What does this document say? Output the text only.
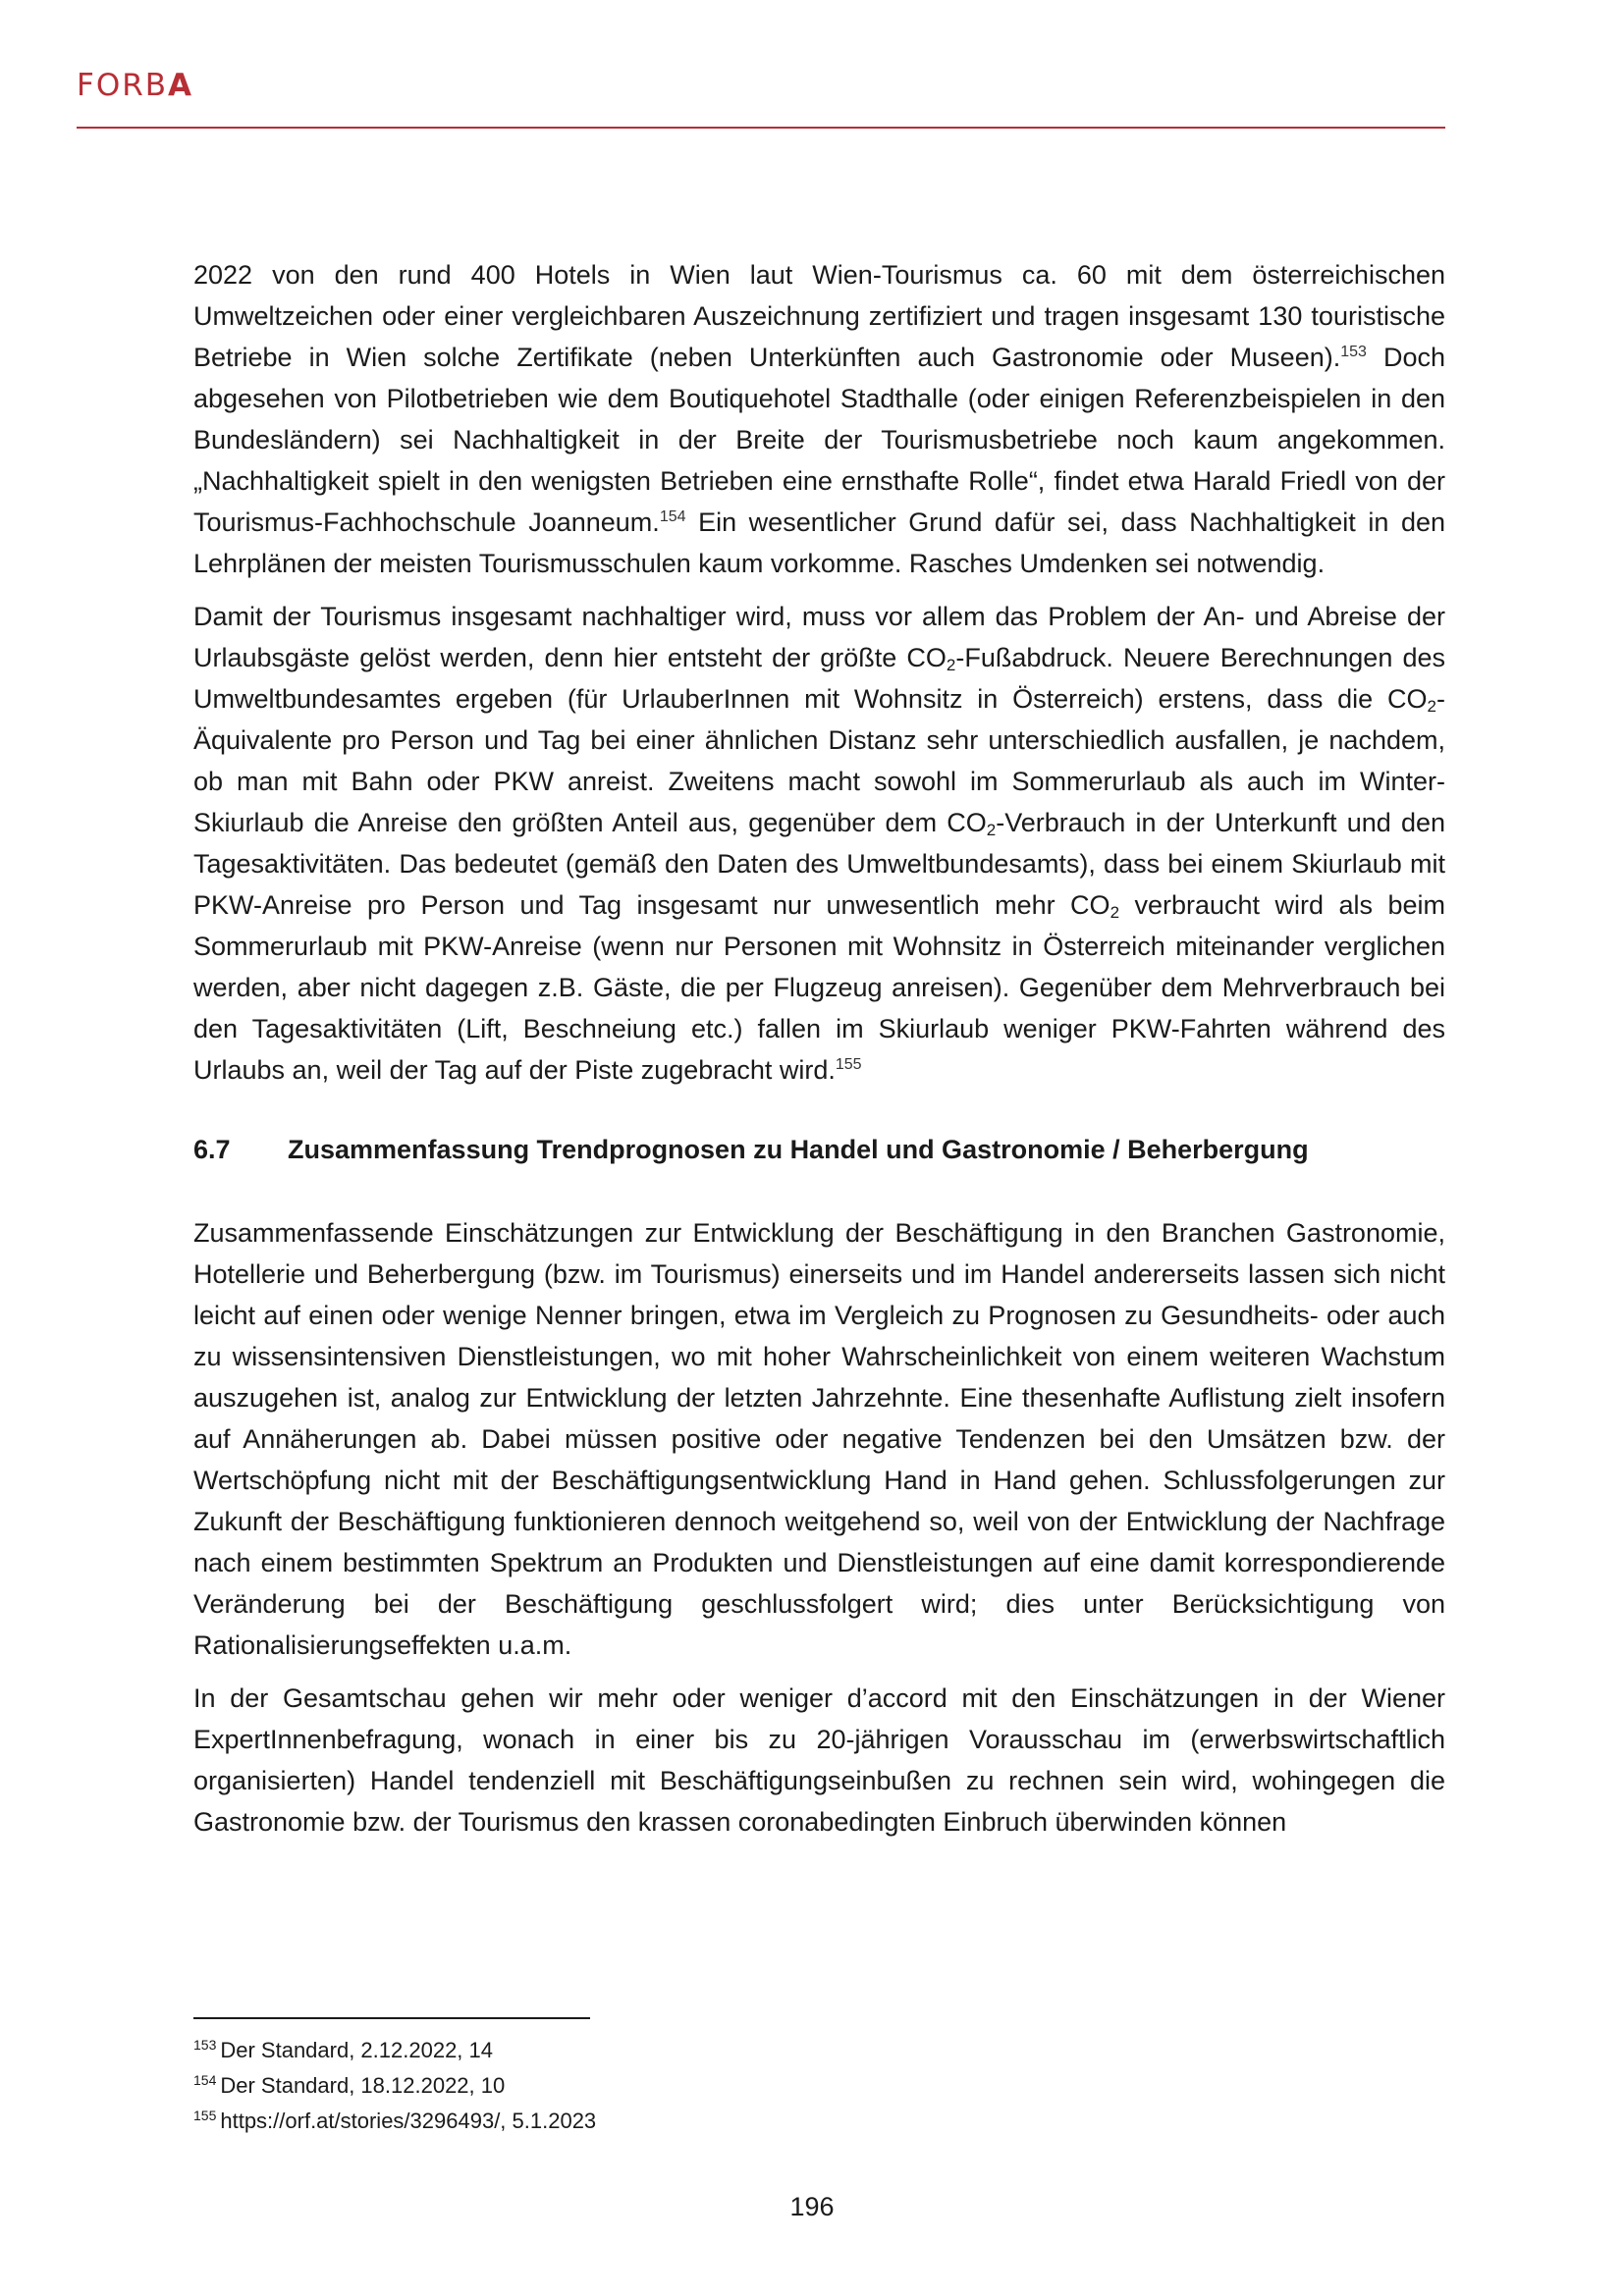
FORBA

2022 von den rund 400 Hotels in Wien laut Wien-Tourismus ca. 60 mit dem österreichischen Umweltzeichen oder einer vergleichbaren Auszeichnung zertifiziert und tragen insgesamt 130 touristische Betriebe in Wien solche Zertifikate (neben Unterkünften auch Gastronomie oder Museen).$^{153}$ Doch abgesehen von Pilotbetrieben wie dem Boutiquehotel Stadthalle (oder einigen Referenzbeispielen in den Bundesländern) sei Nachhaltigkeit in der Breite der Tourismusbetriebe noch kaum angekommen. „Nachhaltigkeit spielt in den wenigsten Betrieben eine ernsthafte Rolle“, findet etwa Harald Friedl von der Tourismus-Fachhochschule Joanneum.$^{154}$ Ein wesentlicher Grund dafür sei, dass Nachhaltigkeit in den Lehrplänen der meisten Tourismusschulen kaum vorkomme. Rasches Umdenken sei notwendig.

Damit der Tourismus insgesamt nachhaltiger wird, muss vor allem das Problem der An- und Abreise der Urlaubsgäste gelöst werden, denn hier entsteht der größte $CO_2$-Fußabdruck. Neuere Berechnungen des Umweltbundesamtes ergeben (für UrlauberInnen mit Wohnsitz in Österreich) erstens, dass die $CO_2-$ Äquivalente pro Person und Tag bei einer ähnlichen Distanz sehr unterschiedlich ausfallen, je nachdem, ob man mit Bahn oder PKW anreist. Zweitens macht sowohl im Sommerurlaub als auch im Winter-Skiurlaub die Anreise den größten Anteil aus, gegenüber dem $CO_2$-Verbrauch in der Unterkunft und den Tagesaktivitäten. Das bedeutet (gemäß den Daten des Umweltbundesamts), dass bei einem Skiurlaub mit PKW-Anreise pro Person und Tag insgesamt nur unwesentlich mehr $CO_2$ verbraucht wird als beim Sommerurlaub mit PKW-Anreise (wenn nur Personen mit Wohnsitz in Österreich miteinander verglichen werden, aber nicht dagegen z.B. Gäste, die per Flugzeug anreisen). Gegenüber dem Mehrverbrauch bei den Tagesaktivitäten (Lift, Beschneiung etc.) fallen im Skiurlaub weniger PKW-Fahrten während des Urlaubs an, weil der Tag auf der Piste zugebracht wird.$^{155}$

6.7 Zusammenfassung Trendprognosen zu Handel und Gastronomie / Beherbergung

Zusammenfassende Einschätzungen zur Entwicklung der Beschäftigung in den Branchen Gastronomie, Hotellerie und Beherbergung (bzw. im Tourismus) einerseits und im Handel andererseits lassen sich nicht leicht auf einen oder wenige Nenner bringen, etwa im Vergleich zu Prognosen zu Gesundheits- oder auch zu wissensintensiven Dienstleistungen, wo mit hoher Wahrscheinlichkeit von einem weiteren Wachstum auszugehen ist, analog zur Entwicklung der letzten Jahrzehnte. Eine thesenhafte Auflistung zielt insofern auf Annäherungen ab. Dabei müssen positive oder negative Tendenzen bei den Umsätzen bzw. der Wertschöpfung nicht mit der Beschäftigungsentwicklung Hand in Hand gehen. Schlussfolgerungen zur Zukunft der Beschäftigung funktionieren dennoch weitgehend so, weil von der Entwicklung der Nachfrage nach einem bestimmten Spektrum an Produkten und Dienstleistungen auf eine damit korrespondierende Veränderung bei der Beschäftigung geschlussfolgert wird; dies unter Berücksichtigung von Rationalisierungseffekten u.a.m.

In der Gesamtschau gehen wir mehr oder weniger d’accord mit den Einschätzungen in der Wiener ExpertInnenbefragung, wonach in einer bis zu 20-jährigen Vorausschau im (erwerbswirtschaftlich organisierten) Handel tendenziell mit Beschäftigungseinbußen zu rechnen sein wird, wohingegen die Gastronomie bzw. der Tourismus den krassen coronabedingten Einbruch überwinden können

$^{153}$ Der Standard, 2.12.2022, 14
$^{154}$ Der Standard, 18.12.2022, 10
$^{155}$ https://orf.at/stories/3296493/, 5.1.2023
196
